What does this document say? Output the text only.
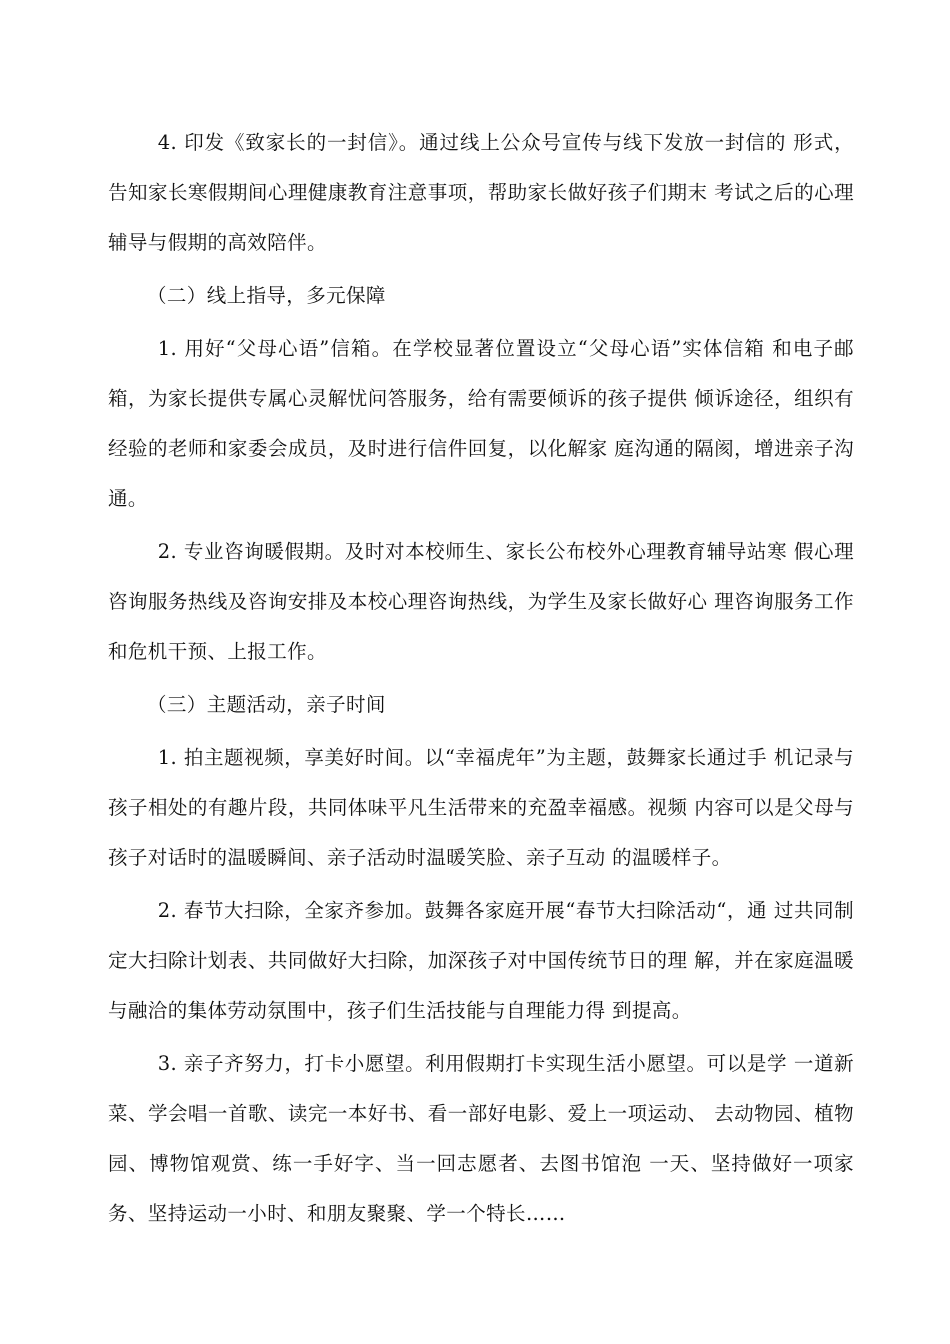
4. 印发《致家长的一封信》。通过线上公众号宣传与线下发放一封信的 形式，告知家长寒假期间心理健康教育注意事项，帮助家长做好孩子们期末 考试之后的心理辅导与假期的高效陪伴。

（二）线上指导，多元保障

1. 用好“父母心语”信箱。在学校显著位置设立“父母心语”实体信箱 和电子邮箱，为家长提供专属心灵解忧问答服务，给有需要倾诉的孩子提供 倾诉途径，组织有经验的老师和家委会成员，及时进行信件回复，以化解家 庭沟通的隔阂，增进亲子沟通。

2. 专业咨询暖假期。及时对本校师生、家长公布校外心理教育辅导站寒 假心理咨询服务热线及咨询安排及本校心理咨询热线，为学生及家长做好心 理咨询服务工作和危机干预、上报工作。

（三）主题活动，亲子时间

1. 拍主题视频，享美好时间。以“幸福虎年”为主题，鼓舞家长通过手 机记录与孩子相处的有趣片段，共同体味平凡生活带来的充盈幸福感。视频 内容可以是父母与孩子对话时的温暖瞬间、亲子活动时温暖笑脸、亲子互动 的温暖样子。

2. 春节大扫除，全家齐参加。鼓舞各家庭开展“春节大扫除活动“，通 过共同制定大扫除计划表、共同做好大扫除，加深孩子对中国传统节日的理 解，并在家庭温暖与融洽的集体劳动氛围中，孩子们生活技能与自理能力得 到提高。

3. 亲子齐努力，打卡小愿望。利用假期打卡实现生活小愿望。可以是学 一道新菜、学会唱一首歌、读完一本好书、看一部好电影、爱上一项运动、 去动物园、植物园、博物馆观赏、练一手好字、当一回志愿者、去图书馆泡 一天、坚持做好一项家务、坚持运动一小时、和朋友聚聚、学一个特长……
